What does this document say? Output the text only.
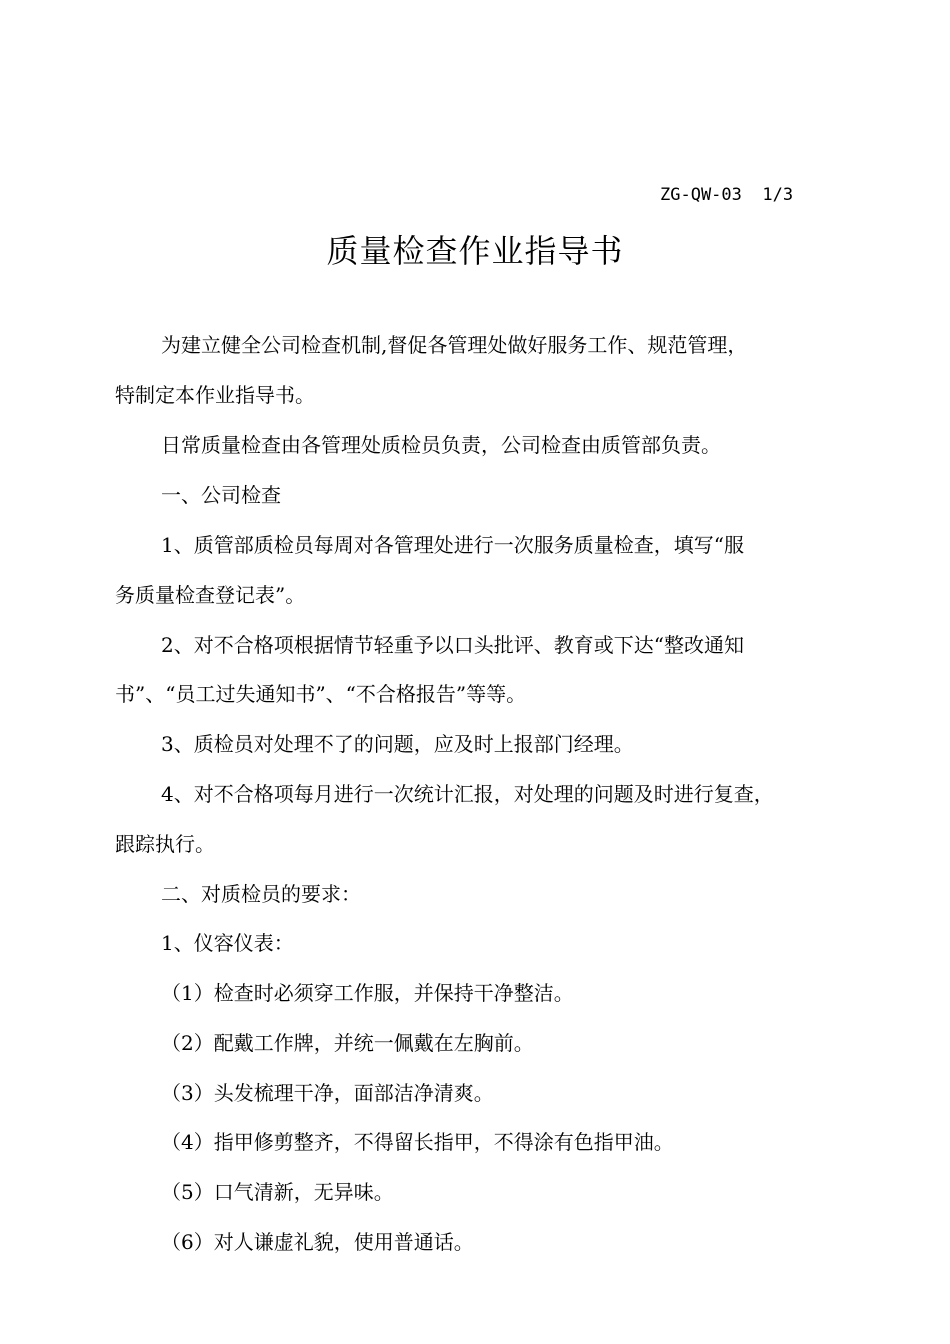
ZG-QW-03  1/3
质量检查作业指导书

为建立健全公司检查机制,督促各管理处做好服务工作、规范管理，

特制定本作业指导书。

日常质量检查由各管理处质检员负责，公司检查由质管部负责。

一、公司检查

1、质管部质检员每周对各管理处进行一次服务质量检查，填写“服

务质量检查登记表”。

2、对不合格项根据情节轻重予以口头批评、教育或下达“整改通知

书”、“员工过失通知书”、“不合格报告”等等。

3、质检员对处理不了的问题，应及时上报部门经理。

4、对不合格项每月进行一次统计汇报，对处理的问题及时进行复查，

跟踪执行。

二、对质检员的要求：

1、仪容仪表：

（1）检查时必须穿工作服，并保持干净整洁。

（2）配戴工作牌，并统一佩戴在左胸前。

（3）头发梳理干净，面部洁净清爽。

（4）指甲修剪整齐，不得留长指甲，不得涂有色指甲油。

（5）口气清新，无异味。

（6）对人谦虚礼貌，使用普通话。
